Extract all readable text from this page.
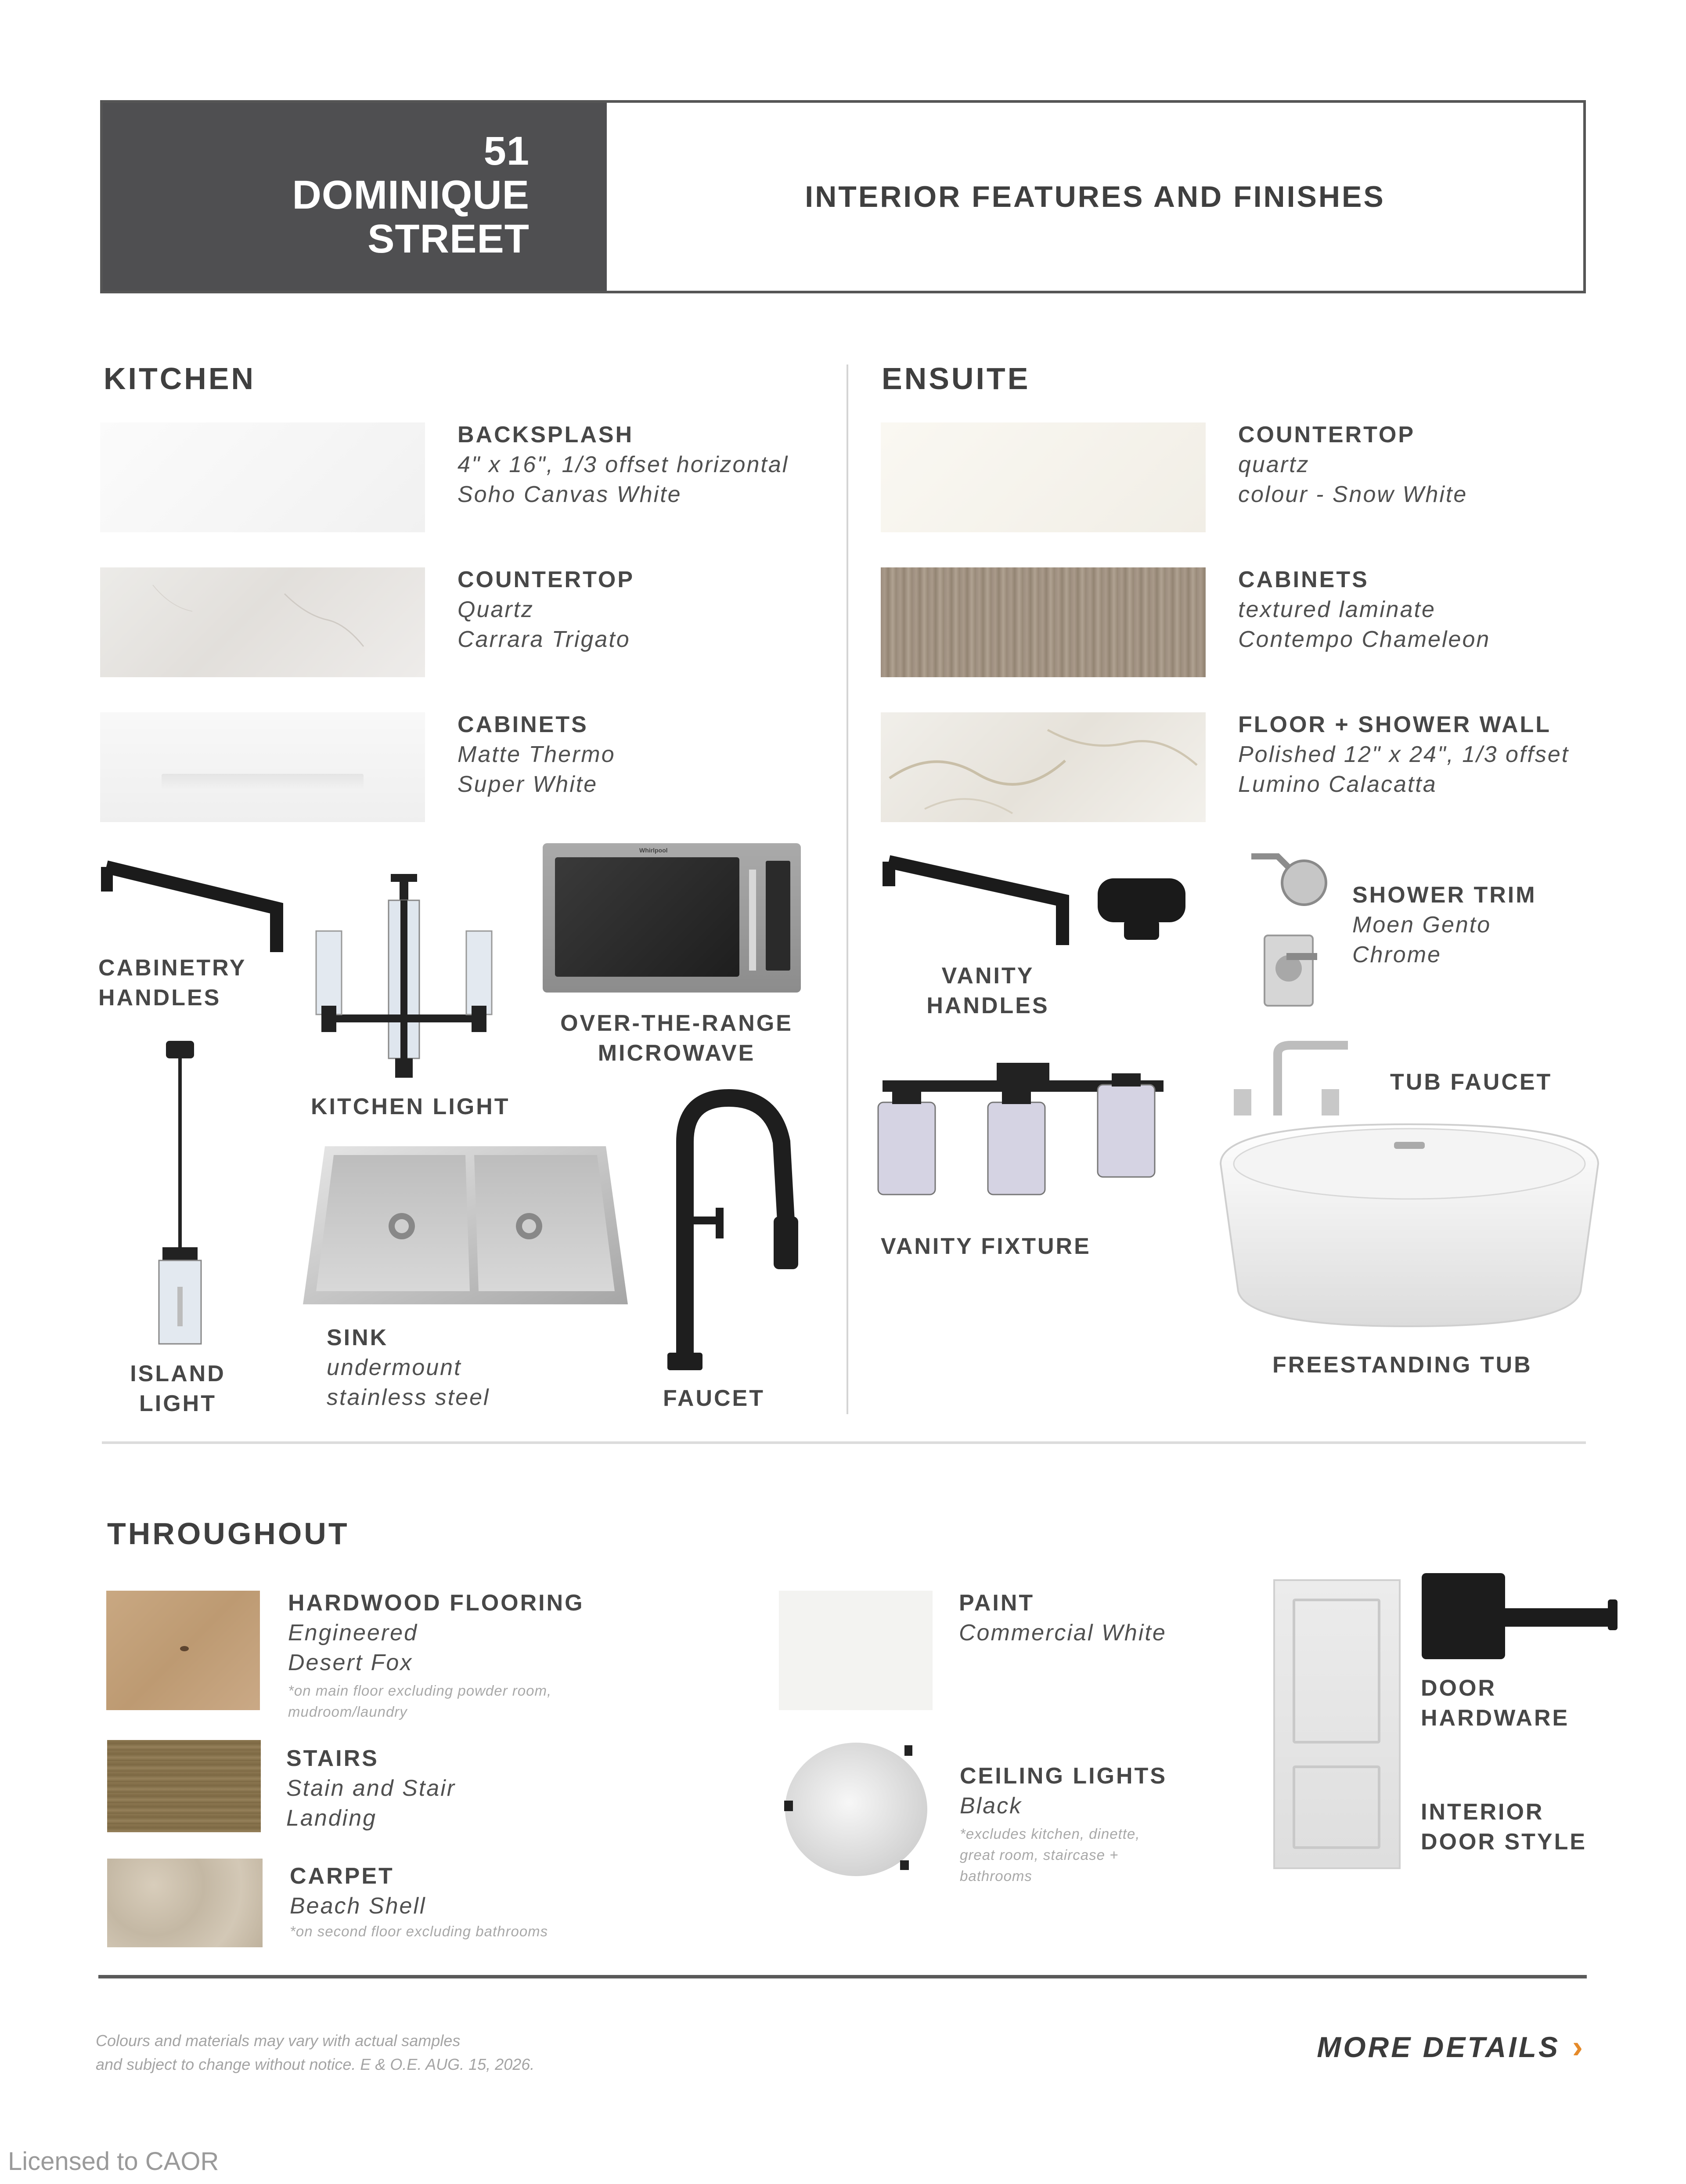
51
DOMINIQUE
STREET
INTERIOR FEATURES AND FINISHES
KITCHEN
BACKSPLASH
4" x 16", 1/3 offset horizontal
Soho Canvas White
COUNTERTOP
Quartz
Carrara Trigato
CABINETS
Matte Thermo
Super White
CABINETRY
HANDLES
KITCHEN LIGHT
Whirlpool
OVER-THE-RANGE
MICROWAVE
ISLAND
LIGHT
SINK
undermount
stainless steel	FAUCET
ENSUITE
COUNTERTOP
quartz
colour - Snow White
CABINETS
textured laminate
Contempo Chameleon
FLOOR + SHOWER WALL
Polished 12" x 24", 1/3 offset
Lumino Calacatta
VANITY
HANDLES
SHOWER TRIM
Moen Gento
Chrome
VANITY FIXTURE
TUB FAUCET
FREESTANDING TUB
THROUGHOUT
HARDWOOD FLOORING
Engineered
Desert Fox
*on main floor excluding powder room,
mudroom/laundry
STAIRS
Stain and Stair
Landing
CARPET
Beach Shell
*on second floor excluding bathrooms
PAINT
Commercial White
CEILING LIGHTS
Black
*excludes kitchen, dinette,
great room, staircase +
bathrooms
DOOR
HARDWARE
INTERIOR
DOOR STYLE
Colours and materials may vary with actual samples
and subject to change without notice. E & O.E. AUG. 15, 2026.
MORE DETAILS ›
Licensed to CAOR
